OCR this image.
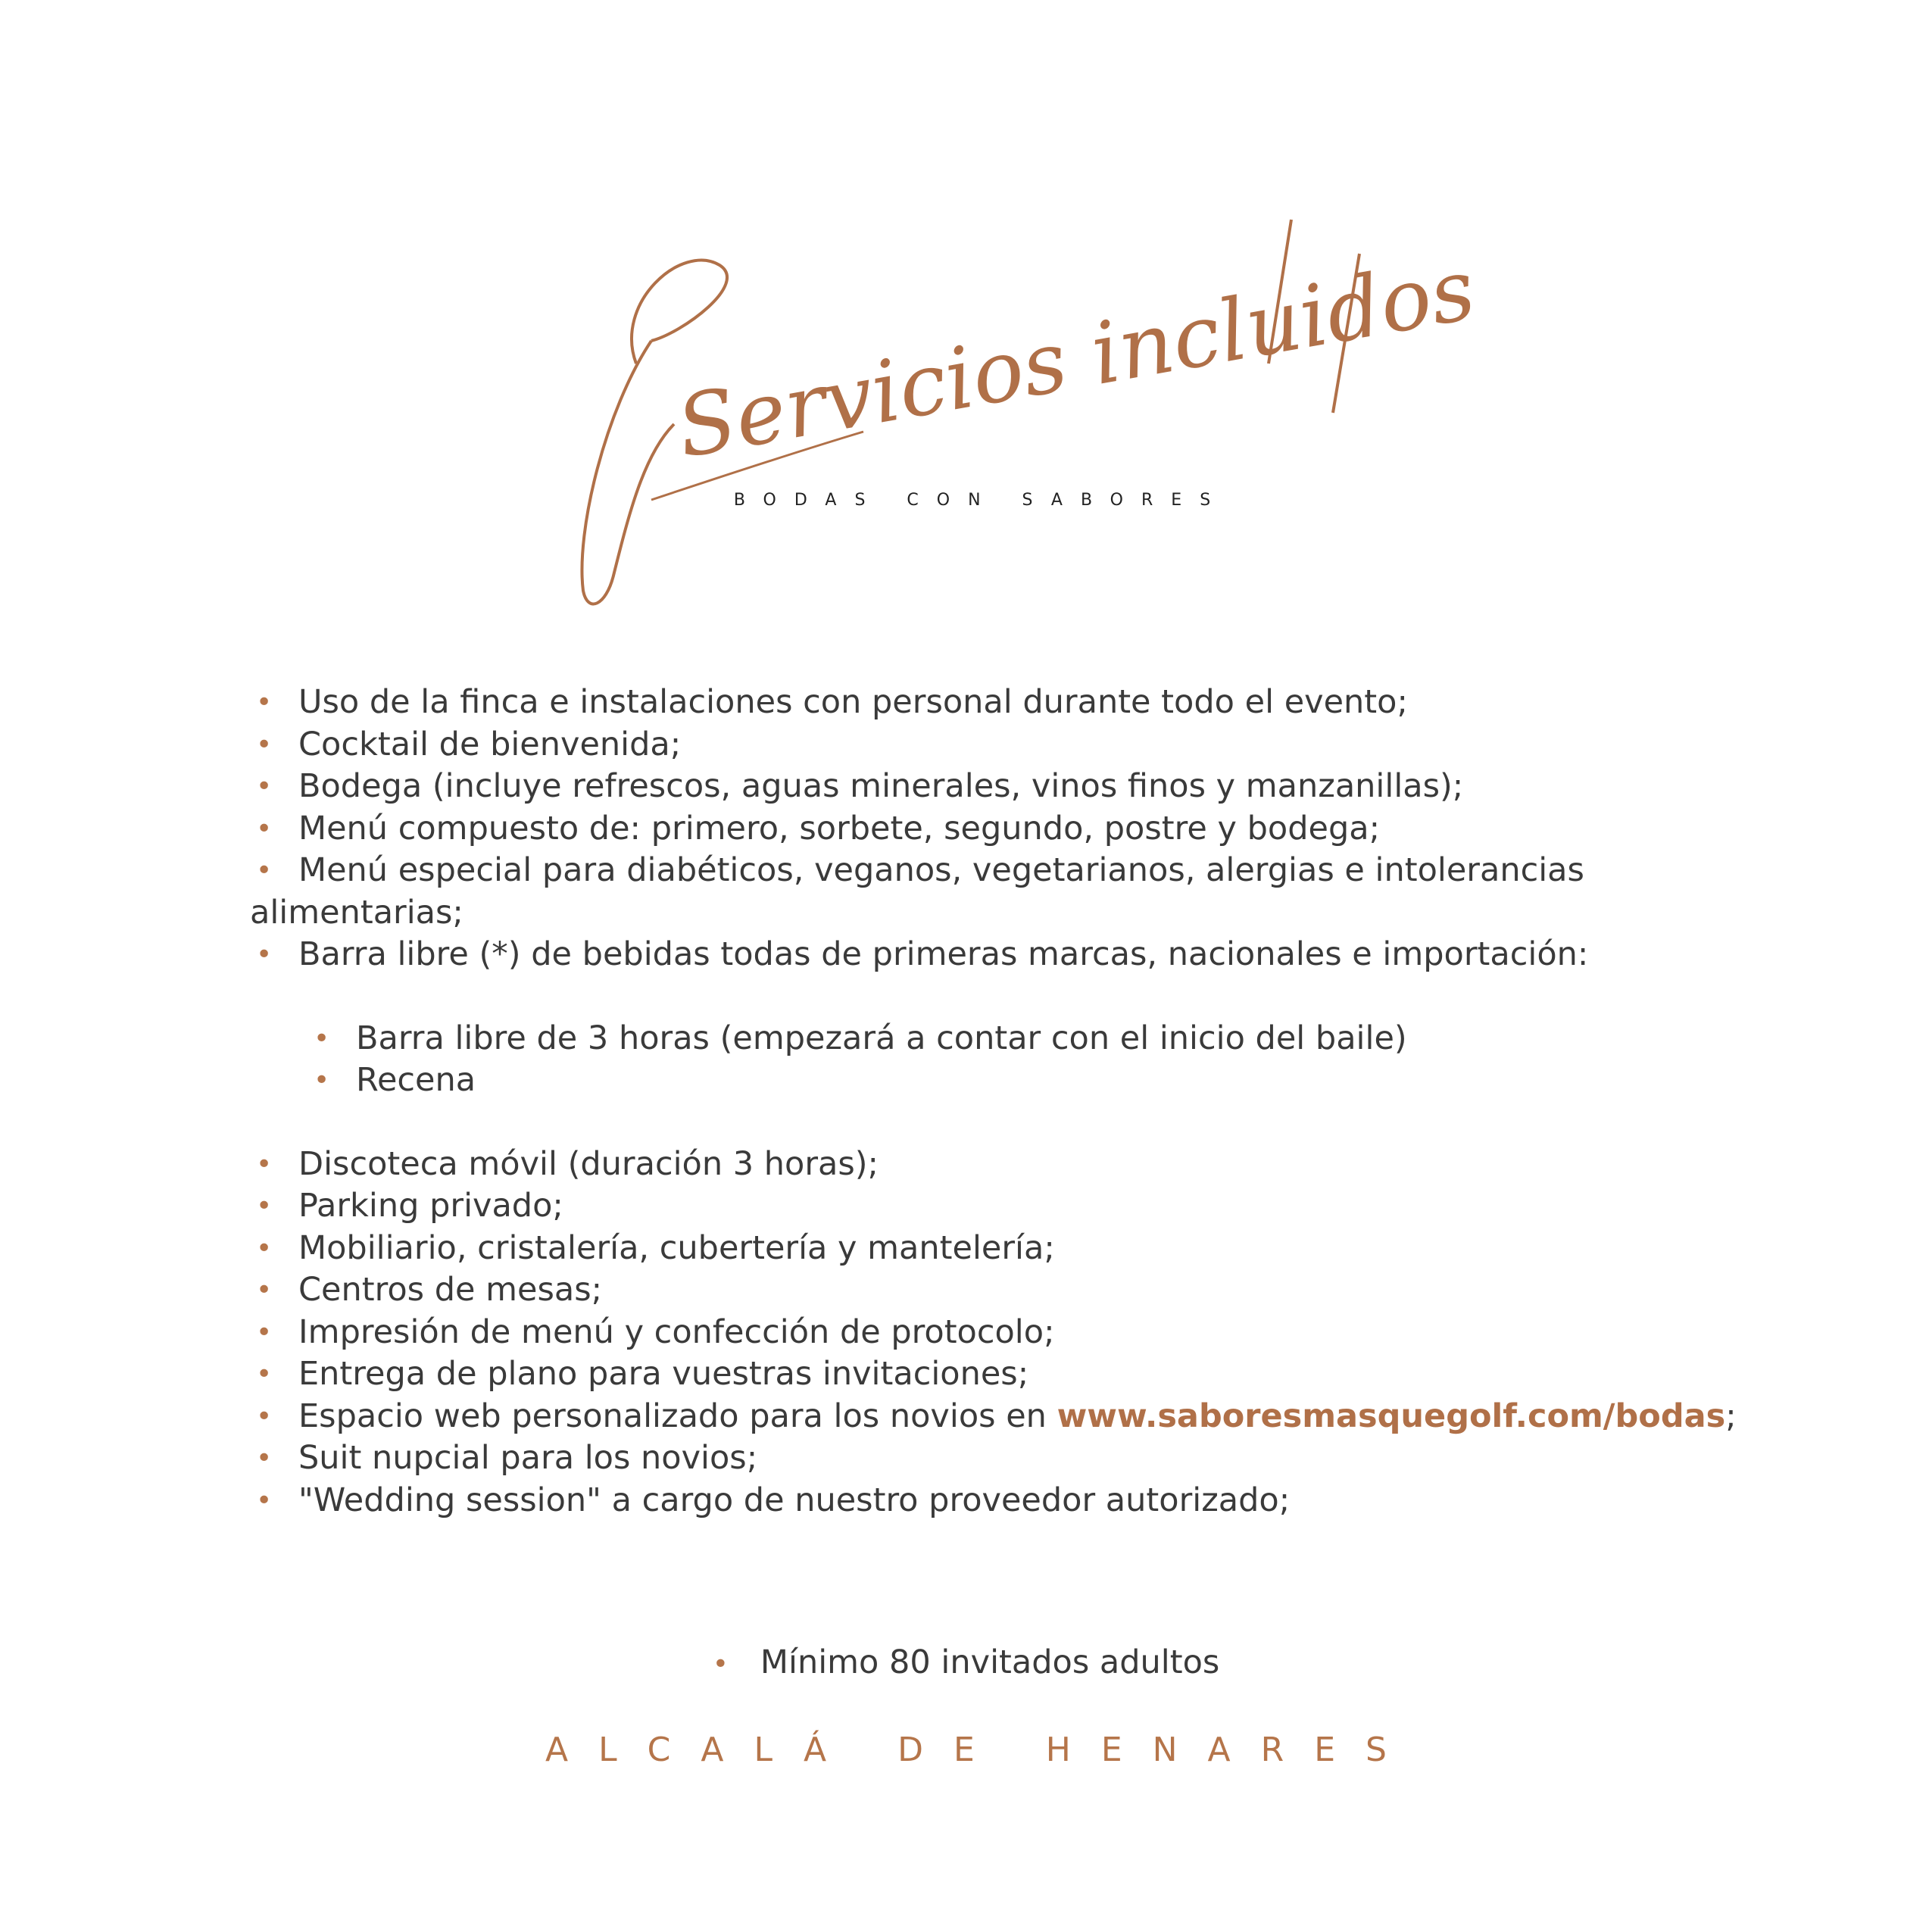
Servicios incluidos
BODAS CON SABORES
• Uso de la finca e instalaciones con personal durante todo el evento;
• Cocktail de bienvenida;
• Bodega (incluye refrescos, aguas minerales, vinos finos y manzanillas);
• Menú compuesto de: primero, sorbete, segundo, postre y bodega;
• Menú especial para diabéticos, veganos, vegetarianos, alergias e intolerancias alimentarias;
• Barra libre (*) de bebidas todas de primeras marcas, nacionales e importación:
• Barra libre de 3 horas (empezará a contar con el inicio del baile)
• Recena
• Discoteca móvil (duración 3 horas);
• Parking privado;
• Mobiliario, cristalería, cubertería y mantelería;
• Centros de mesas;
• Impresión de menú y confección de protocolo;
• Entrega de plano para vuestras invitaciones;
• Espacio web personalizado para los novios en www.saboresmasquegolf.com/bodas;
• Suit nupcial para los novios;
• "Wedding session" a cargo de nuestro proveedor autorizado;
• Mínimo 80 invitados adultos
ALCALÁ DE HENARES
